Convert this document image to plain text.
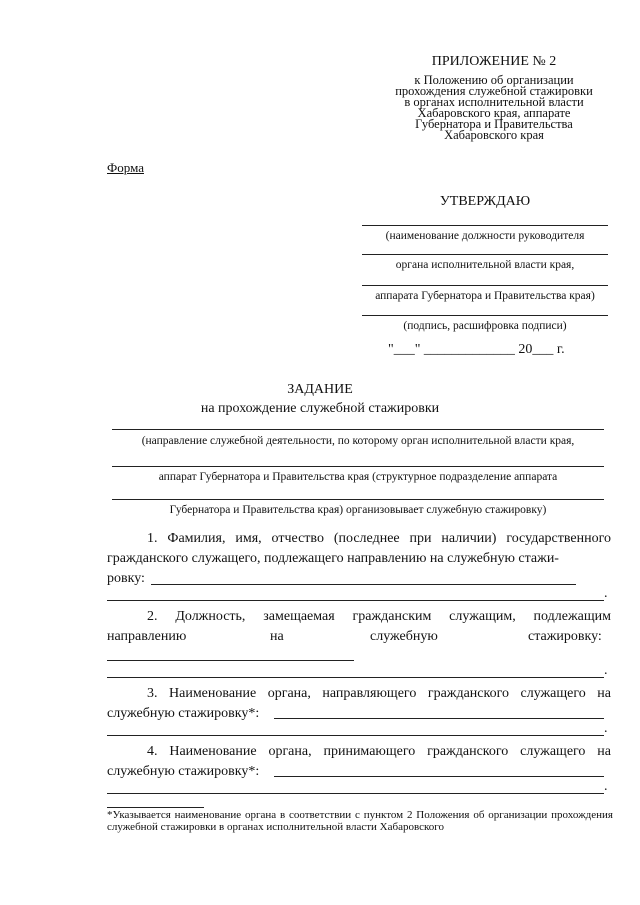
ПРИЛОЖЕНИЕ № 2
к Положению об организации
прохождения служебной стажировки
в органах исполнительной власти
Хабаровского края, аппарате
Губернатора и Правительства
Хабаровского края
Форма
УТВЕРЖДАЮ
(наименование должности руководителя
органа исполнительной власти края,
аппарата Губернатора и Правительства края)
(подпись, расшифровка подписи)
"___" _____________ 20___ г.
ЗАДАНИЕ
на прохождение служебной стажировки
(направление служебной деятельности, по которому орган исполнительной власти края,
аппарат Губернатора и Правительства края (структурное подразделение аппарата
Губернатора и Правительства края) организовывает служебную стажировку)
1. Фамилия, имя, отчество (последнее при наличии) государственного гражданского служащего, подлежащего направлению на служебную стажи-
ровку:
.
2. Должность, замещаемая гражданским служащим, подлежащим
направлению	на	служебную	стажировку:
.
3. Наименование органа, направляющего гражданского служащего на
служебную стажировку*:
.
4. Наименование органа, принимающего гражданского служащего на
служебную стажировку*:
.
*Указывается наименование органа в соответствии с пунктом 2 Положения об организации прохождения служебной стажировки в органах исполнительной власти Хабаровского
